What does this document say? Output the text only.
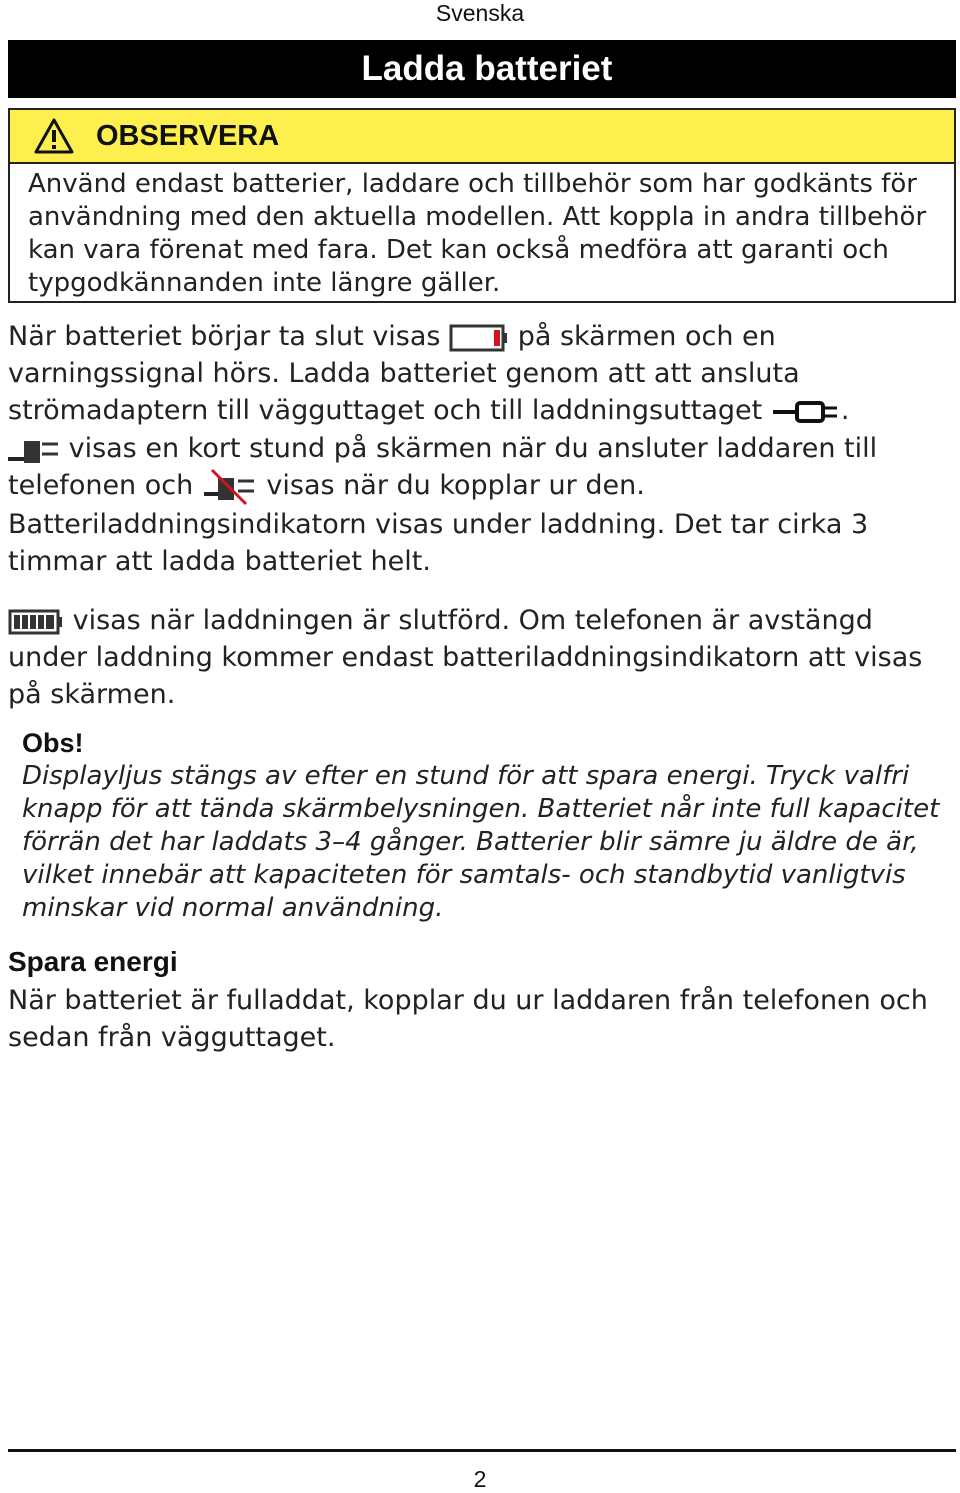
Svenska
Ladda batteriet
OBSERVERA

Använd endast batterier, laddare och tillbehör som har godkänts för användning med den aktuella modellen. Att koppla in andra tillbehör kan vara förenat med fara. Det kan också medföra att garanti och typgodkännanden inte längre gäller.

När batteriet börjar ta slut visas	på skärmen och en varningssignal hörs. Ladda batteriet genom att att ansluta strömadaptern till vägguttaget och till laddningsuttaget	.

visas en kort stund på skärmen när du ansluter laddaren till telefonen och	visas när du kopplar ur den. Batteriladdningsindikatorn visas under laddning. Det tar cirka 3 timmar att ladda batteriet helt.

visas när laddningen är slutförd. Om telefonen är avstängd under laddning kommer endast batteriladdningsindikatorn att visas på skärmen.

Obs!

Displayljus stängs av efter en stund för att spara energi. Tryck valfri knapp för att tända skärmbelysningen. Batteriet når inte full kapacitet förrän det har laddats 3–4 gånger. Batterier blir sämre ju äldre de är, vilket innebär att kapaciteten för samtals- och standbytid vanligtvis minskar vid normal användning.

Spara energi

När batteriet är fulladdat, kopplar du ur laddaren från telefonen och sedan från vägguttaget.

2
